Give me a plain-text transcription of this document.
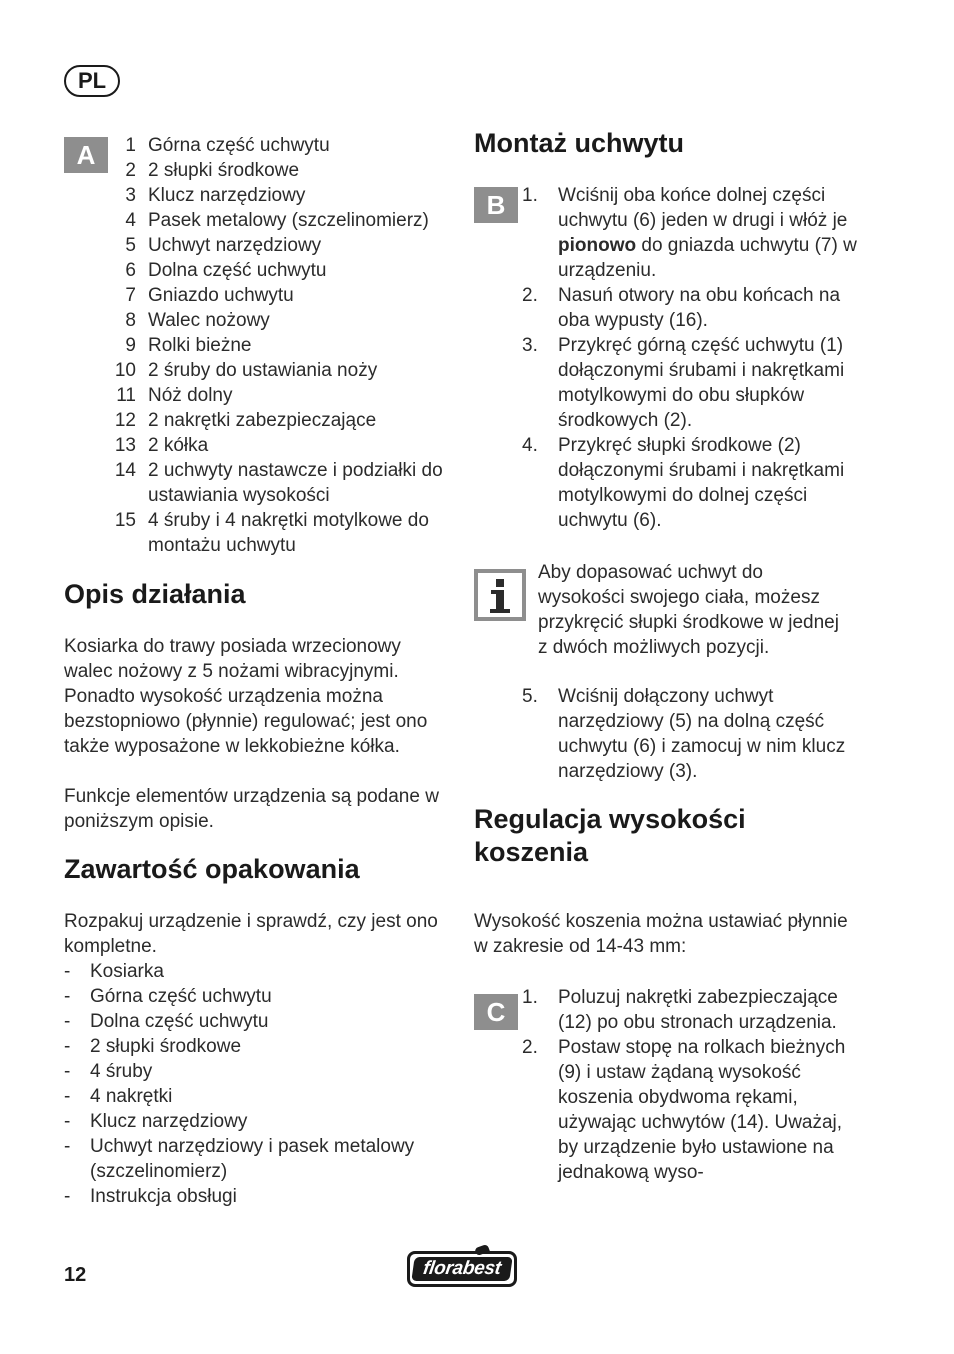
PL
A	1 Górna część uchwytu
2 2 słupki środkowe
3 Klucz narzędziowy
4 Pasek metalowy (szczelinomierz)
5 Uchwyt narzędziowy
6 Dolna część uchwytu
7 Gniazdo uchwytu
8 Walec nożowy
9 Rolki bieżne
10 2 śruby do ustawiania noży
11 Nóż dolny
12 2 nakrętki zabezpieczające
13 2 kółka
14 2 uchwyty nastawcze i podziałki do ustawiania wysokości
15 4 śruby i 4 nakrętki motylkowe do montażu uchwytu
Opis działania

Kosiarka do trawy posiada wrzecionowy walec nożowy z 5 nożami wibracyjnymi. Ponadto wysokość urządzenia można bezstopniowo (płynnie) regulować; jest ono także wyposażone w lekkobieżne kółka.

Funkcje elementów urządzenia są podane w poniższym opisie.

Zawartość opakowania

Rozpakuj urządzenie i sprawdź, czy jest ono kompletne.

- Kosiarka
- Górna część uchwytu
- Dolna część uchwytu
- 2 słupki środkowe
- 4 śruby
- 4 nakrętki
- Klucz narzędziowy
- Uchwyt narzędziowy i pasek metalowy (szczelinomierz)
- Instrukcja obsługi
Montaż uchwytu
B 1. Wciśnij oba końce dolnej części uchwytu (6) jeden w drugi i włóż je pionowo do gniazda uchwytu (7) w urządzeniu.
2. Nasuń otwory na obu końcach na oba wypusty (16).
3. Przykręć górną część uchwytu (1) dołączonymi śrubami i nakrętkami motylkowymi do obu słupków środkowych (2).
4. Przykręć słupki środkowe (2) dołączonymi śrubami i nakrętkami motylkowymi do dolnej części uchwytu (6).

Aby dopasować uchwyt do wysokości swojego ciała, możesz przykręcić słupki środkowe w jednej z dwóch możliwych pozycji.

5. Wciśnij dołączony uchwyt narzędziowy (5) na dolną część uchwytu (6) i zamocuj w nim klucz narzędziowy (3).
Regulacja wysokości koszenia

Wysokość koszenia można ustawiać płynnie w zakresie od 14-43 mm:

C 1. Poluzuj nakrętki zabezpieczające (12) po obu stronach urządzenia.
2. Postaw stopę na rolkach bieżnych (9) i ustaw żądaną wysokość koszenia obydwoma rękami, używając uchwytów (14). Uważaj, by urządzenie było ustawione na jednakową wyso-
12	florabest
